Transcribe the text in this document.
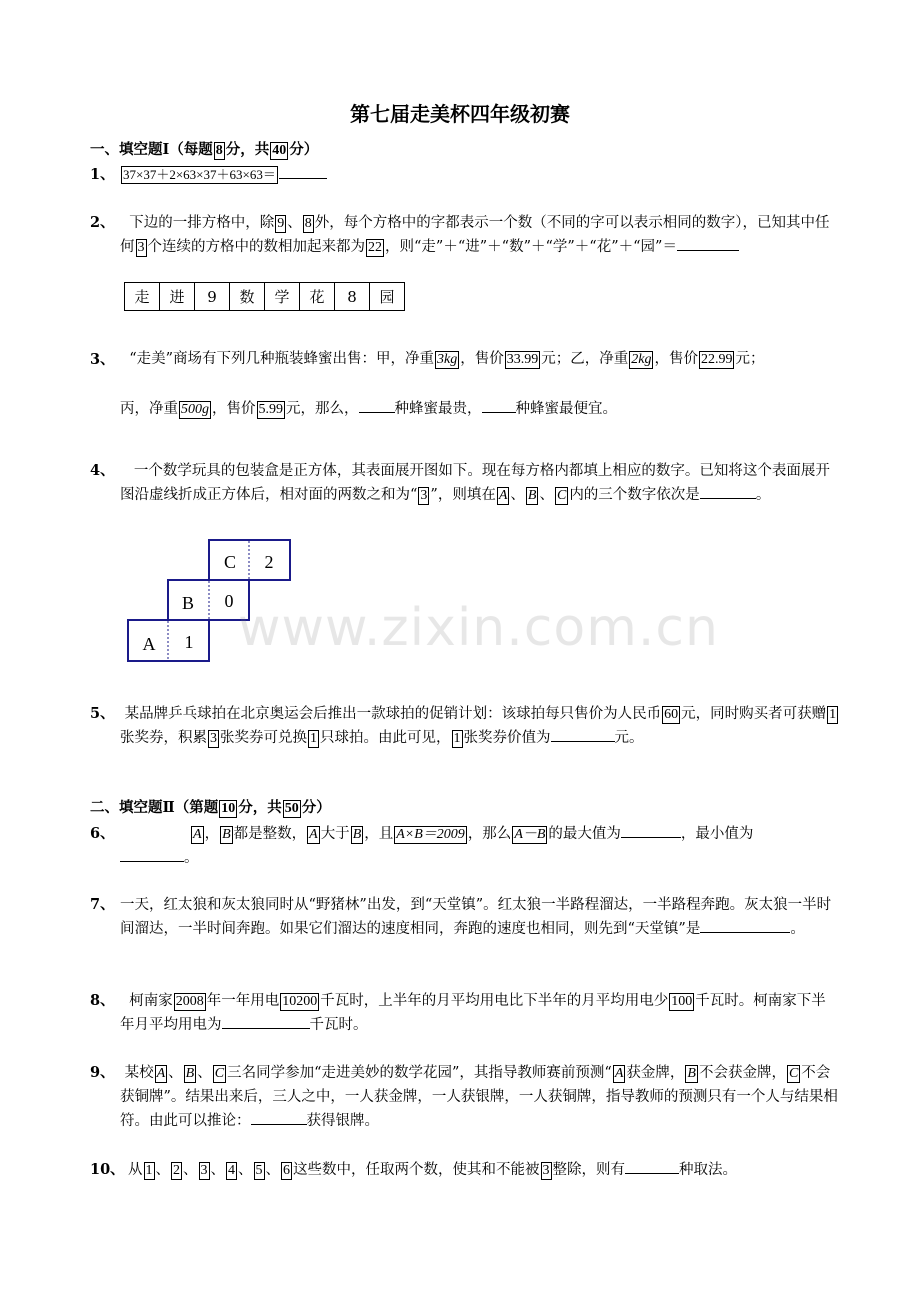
第七届走美杯四年级初赛
一、填空题Ⅰ（每题 8 分，共 40 分）
1、 37×37＋2×63×37＋63×63＝
2、	下边的一排方格中，除 9 、 8 外，每个方格中的字都表示一个数（不同的字可以表示相同的数字），已知其中任何 3 个连续的方格中的数相加起来都为 22 ，则“走”＋“进”＋“数”＋“学”＋“花”＋“园”＝
走	进	9	数	学	花	8	园
3、	“走美”商场有下列几种瓶装蜂蜜出售：甲，净重 3kg ，售价 33.99 元；乙，净重 2kg ，售价 22.99 元；
丙，净重 500g ，售价 5.99 元，那么， 种蜂蜜最贵， 种蜂蜜最便宜。
4、	一个数学玩具的包装盒是正方体，其表面展开图如下。现在每方格内都填上相应的数字。已知将这个表面展开图沿虚线折成正方体后，相对面的两数之和为“ 3 ”，则填在 A 、 B 、 C 内的三个数字依次是	。
C 2
B 0
A 1 www.zixin.com.cn
5、 某品牌乒乓球拍在北京奥运会后推出一款球拍的促销计划：该球拍每只售价为人民币 60 元，同时购买者可获赠 1张奖券，积累 3 张奖券可兑换 1 只球拍。由此可见， 1 张奖券价值为	元。
二、填空题Ⅱ（第题 10 分，共 50 分）
6、	A ， B 都是整数， A 大于 B ，且 A×B＝2009 ，那么 A－B 的最大值为	，最小值为
。
7、 一天，红太狼和灰太狼同时从“野猪林”出发，到“天堂镇”。红太狼一半路程溜达，一半路程奔跑。灰太狼一半时间溜达，一半时间奔跑。如果它们溜达的速度相同，奔跑的速度也相同，则先到“天堂镇”是	。
8、	柯南家 2008 年一年用电 10200 千瓦时，上半年的月平均用电比下半年的月平均用电少 100 千瓦时。柯南家下半年月平均用电为	千瓦时。
9、 某校 A 、 B 、 C 三名同学参加“走进美妙的数学花园”，其指导教师赛前预测“ A 获金牌， B 不会获金牌， C 不会获铜牌”。结果出来后，三人之中，一人获金牌，一人获银牌，一人获铜牌，指导教师的预测只有一个人与结果相符。由此可以推论：	获得银牌。
10、 从 1 、 2 、 3 、 4 、 5 、 6 这些数中，任取两个数，使其和不能被 3 整除，则有	种取法。
